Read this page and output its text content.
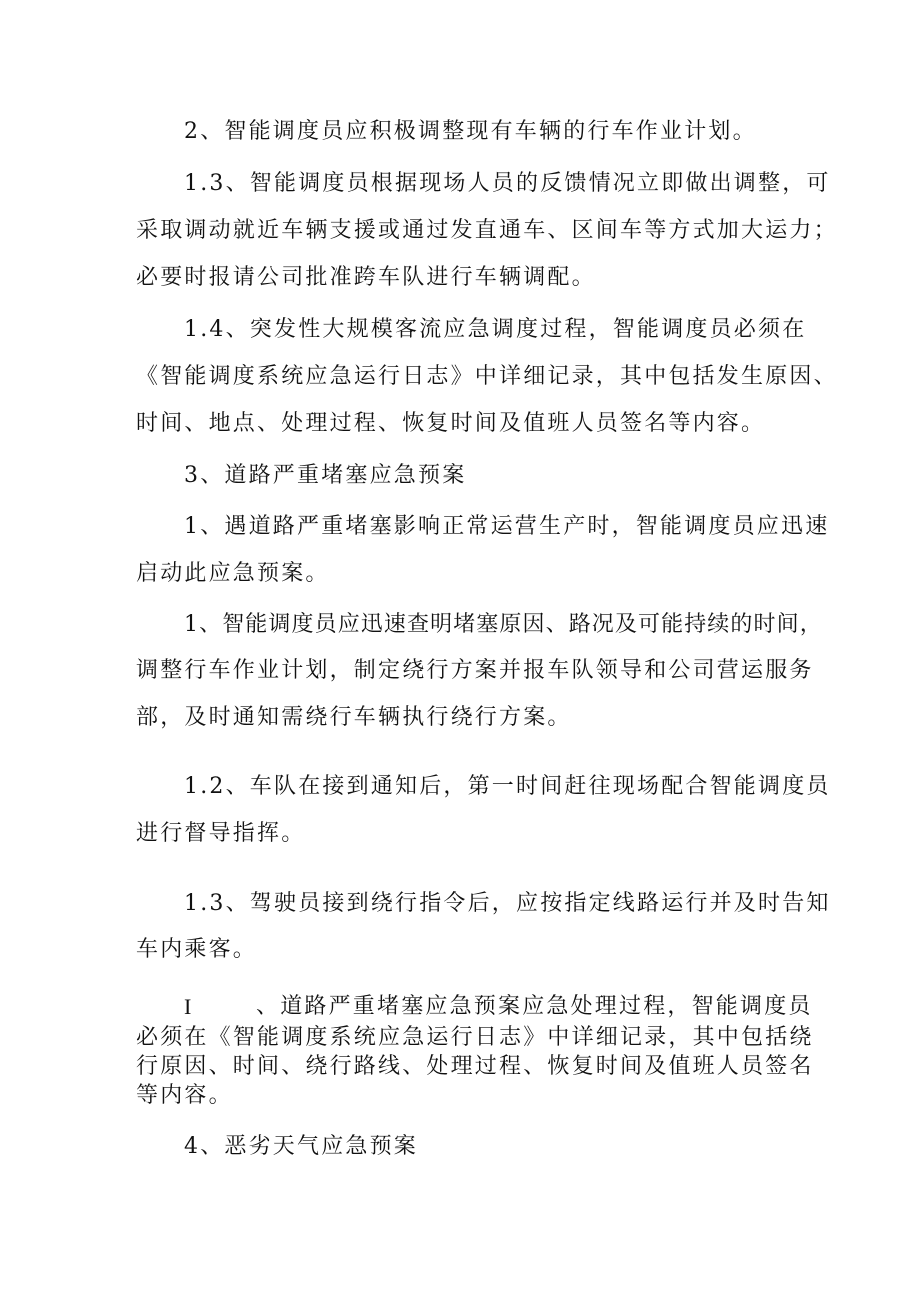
2、智能调度员应积极调整现有车辆的行车作业计划。
1.3、智能调度员根据现场人员的反馈情况立即做出调整，可
采取调动就近车辆支援或通过发直通车、区间车等方式加大运力；
必要时报请公司批准跨车队进行车辆调配。
1.4、突发性大规模客流应急调度过程，智能调度员必须在
《智能调度系统应急运行日志》中详细记录，其中包括发生原因、
时间、地点、处理过程、恢复时间及值班人员签名等内容。
3、道路严重堵塞应急预案
1、遇道路严重堵塞影响正常运营生产时，智能调度员应迅速
启动此应急预案。
1、智能调度员应迅速查明堵塞原因、路况及可能持续的时间，
调整行车作业计划，制定绕行方案并报车队领导和公司营运服务
部，及时通知需绕行车辆执行绕行方案。
1.2、车队在接到通知后，第一时间赶往现场配合智能调度员
进行督导指挥。
1.3、驾驶员接到绕行指令后，应按指定线路运行并及时告知
车内乘客。
I	、道路严重堵塞应急预案应急处理过程，智能调度员
必须在《智能调度系统应急运行日志》中详细记录，其中包括绕
行原因、时间、绕行路线、处理过程、恢复时间及值班人员签名
等内容。
4、恶劣天气应急预案
